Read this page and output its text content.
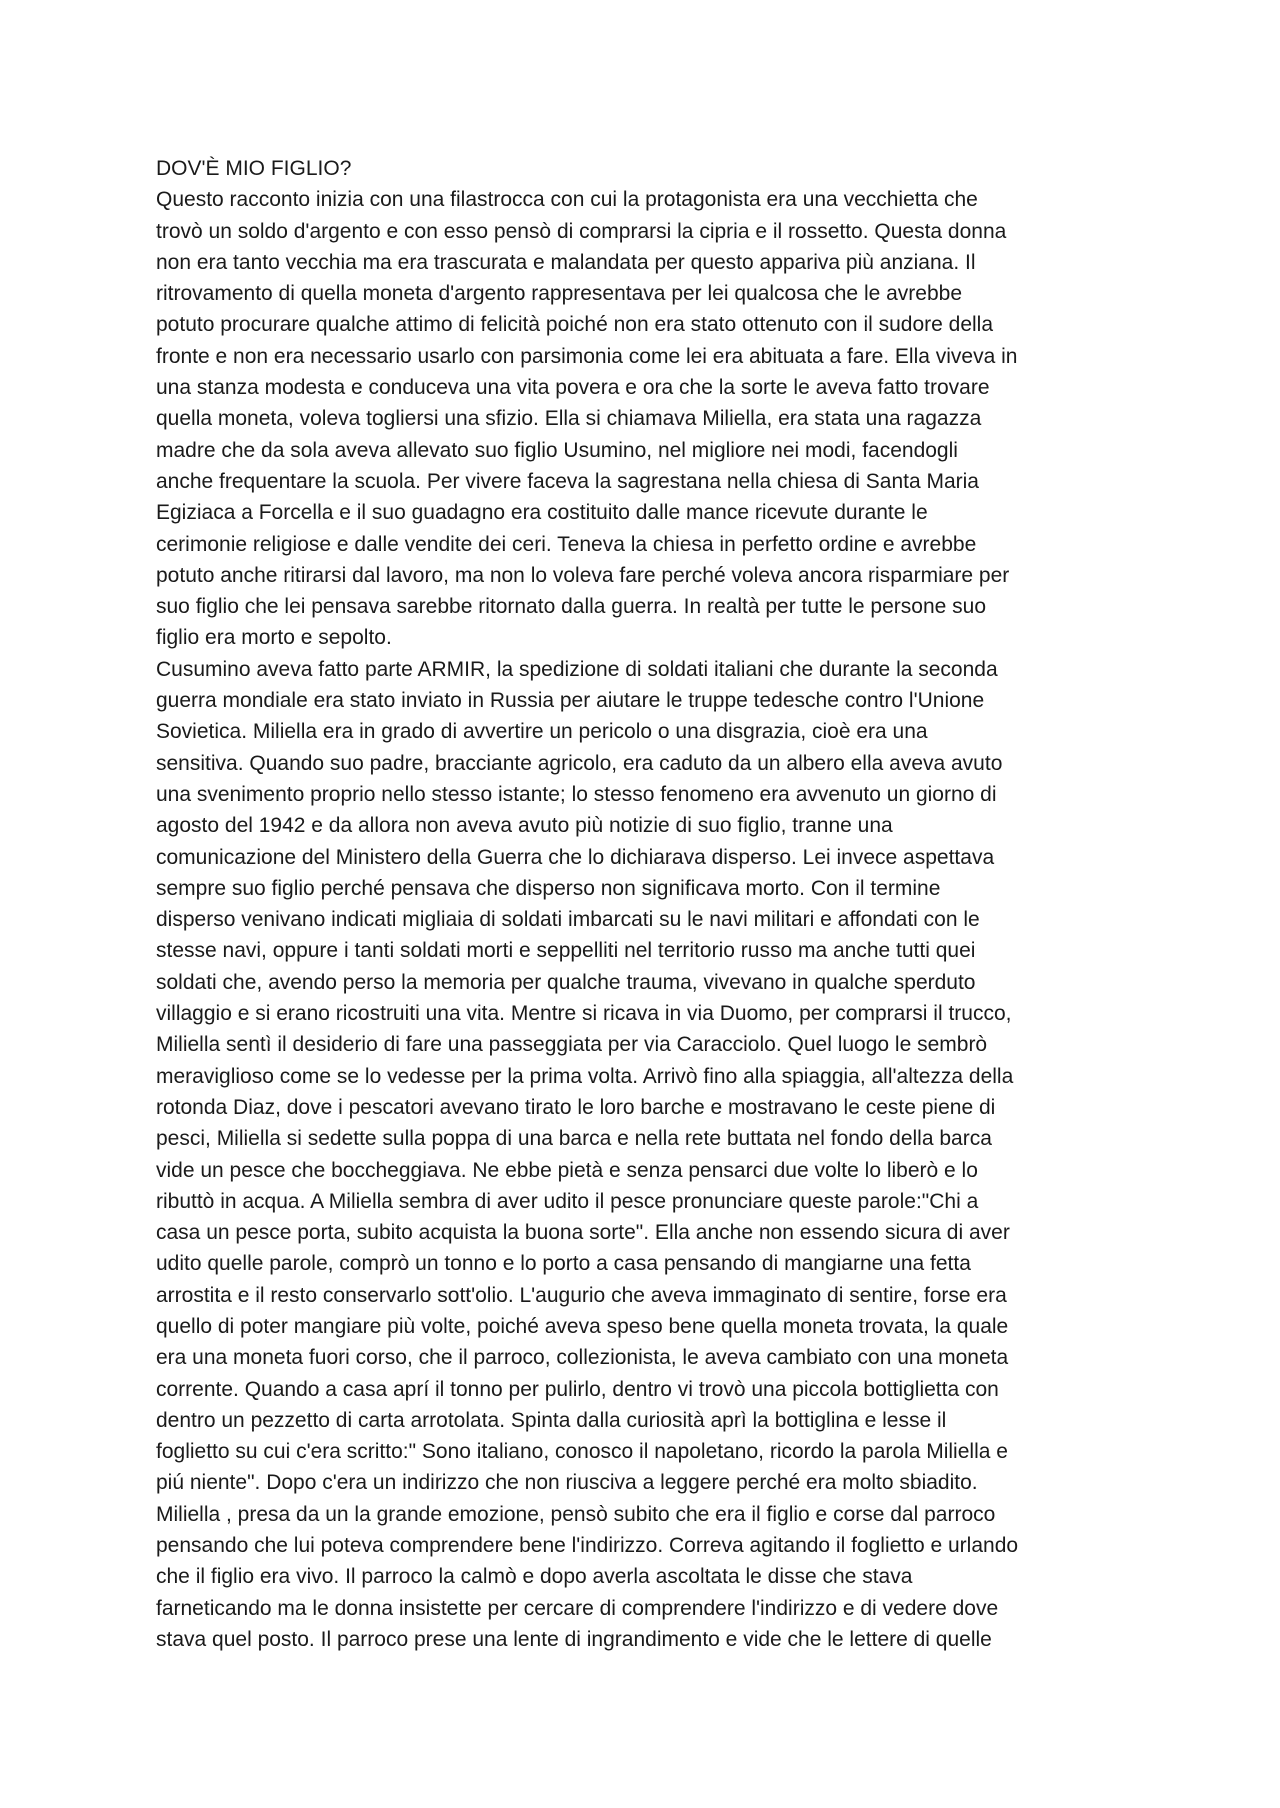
DOV'È MIO FIGLIO?
Questo racconto inizia con una filastrocca con cui la protagonista era una vecchietta che
trovò un soldo d'argento e con esso pensò di comprarsi la cipria e il rossetto. Questa donna
non era tanto vecchia ma era trascurata e malandata per questo appariva più anziana. Il
ritrovamento di quella moneta d'argento rappresentava per lei qualcosa che le avrebbe
potuto procurare qualche attimo di felicità poiché non era stato ottenuto con il sudore della
fronte e non era necessario usarlo con parsimonia come lei era abituata a fare. Ella viveva in
una stanza modesta e conduceva una vita povera e ora che la sorte le aveva fatto trovare
quella moneta, voleva togliersi una sfizio. Ella si chiamava Miliella, era stata una ragazza
madre che da sola aveva allevato suo figlio Usumino, nel migliore nei modi, facendogli
anche frequentare la scuola. Per vivere faceva la sagrestana nella chiesa di Santa Maria
Egiziaca a Forcella e il suo guadagno era costituito dalle mance ricevute durante le
cerimonie religiose e dalle vendite dei ceri. Teneva la chiesa in perfetto ordine e avrebbe
potuto anche ritirarsi dal lavoro, ma non lo voleva fare perché voleva ancora risparmiare per
suo figlio che lei pensava sarebbe ritornato dalla guerra. In realtà per tutte le persone suo
figlio era morto e sepolto.
Cusumino aveva fatto parte ARMIR, la spedizione di soldati italiani che durante la seconda
guerra mondiale era stato inviato in Russia per aiutare le truppe tedesche contro l'Unione
Sovietica. Miliella era in grado di avvertire un pericolo o una disgrazia, cioè era una
sensitiva. Quando suo padre, bracciante agricolo, era caduto da un albero ella aveva avuto
una svenimento proprio nello stesso istante; lo stesso fenomeno era avvenuto un giorno di
agosto del 1942 e da allora non aveva avuto più notizie di suo figlio, tranne una
comunicazione del Ministero della Guerra che lo dichiarava disperso. Lei invece aspettava
sempre suo figlio perché pensava che disperso non significava morto. Con il termine
disperso venivano indicati migliaia di soldati imbarcati su le navi militari e affondati con le
stesse navi, oppure i tanti soldati morti e seppelliti nel territorio russo ma anche tutti quei
soldati che, avendo perso la memoria per qualche trauma, vivevano in qualche sperduto
villaggio e si erano ricostruiti una vita. Mentre si ricava in via Duomo, per comprarsi il trucco,
Miliella sentì il desiderio di fare una passeggiata per via Caracciolo. Quel luogo le sembrò
meraviglioso come se lo vedesse per la prima volta. Arrivò fino alla spiaggia, all'altezza della
rotonda Diaz, dove i pescatori avevano tirato le loro barche e mostravano le ceste piene di
pesci, Miliella si sedette sulla poppa di una barca e nella rete buttata nel fondo della barca
vide un pesce che boccheggiava. Ne ebbe pietà e senza pensarci due volte lo liberò e lo
ributtò in acqua. A Miliella sembra di aver udito il pesce pronunciare queste parole:"Chi a
casa un pesce porta, subito acquista la buona sorte". Ella anche non essendo sicura di aver
udito quelle parole, comprò un tonno e lo porto a casa pensando di mangiarne una fetta
arrostita e il resto conservarlo sott'olio. L'augurio che aveva immaginato di sentire, forse era
quello di poter mangiare più volte, poiché aveva speso bene quella moneta trovata, la quale
era una moneta fuori corso, che il parroco, collezionista, le aveva cambiato con una moneta
corrente. Quando a casa aprí il tonno per pulirlo, dentro vi trovò una piccola bottiglietta con
dentro un pezzetto di carta arrotolata. Spinta dalla curiosità aprì la bottiglina e lesse il
foglietto su cui c'era scritto:" Sono italiano, conosco il napoletano, ricordo la parola Miliella e
piú niente". Dopo c'era un indirizzo che non riusciva a leggere perché era molto sbiadito.
Miliella , presa da un la grande emozione, pensò subito che era il figlio e corse dal parroco
pensando che lui poteva comprendere bene l'indirizzo. Correva agitando il foglietto e urlando
che il figlio era vivo. Il parroco la calmò e dopo averla ascoltata le disse che stava
farneticando ma le donna insistette per cercare di comprendere l'indirizzo e di vedere dove
stava quel posto. Il parroco prese una lente di ingrandimento e vide che le lettere di quelle
